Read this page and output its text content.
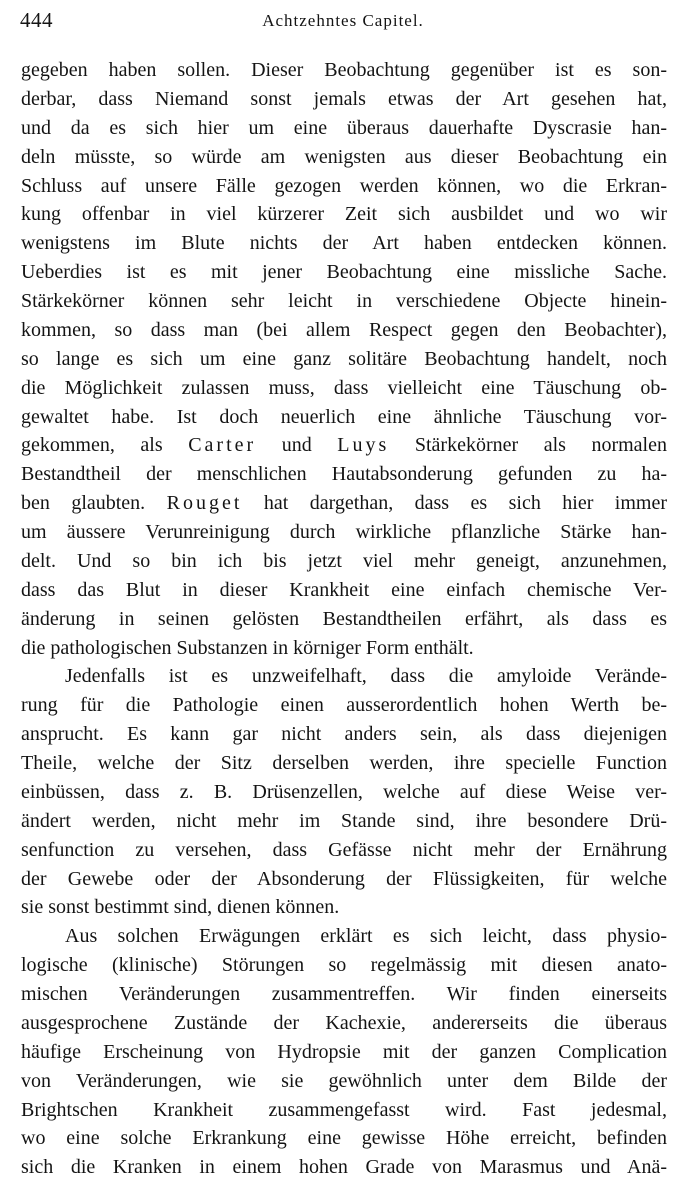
444	Achtzehntes Capitel.
gegeben haben sollen. Dieser Beobachtung gegenüber ist es son-
derbar, dass Niemand sonst jemals etwas der Art gesehen hat,
und da es sich hier um eine überaus dauerhafte Dyscrasie han-
deln müsste, so würde am wenigsten aus dieser Beobachtung ein
Schluss auf unsere Fälle gezogen werden können, wo die Erkran-
kung offenbar in viel kürzerer Zeit sich ausbildet und wo wir
wenigstens im Blute nichts der Art haben entdecken können.
Ueberdies ist es mit jener Beobachtung eine missliche Sache.
Stärkekörner können sehr leicht in verschiedene Objecte hinein-
kommen, so dass man (bei allem Respect gegen den Beobachter),
so lange es sich um eine ganz solitäre Beobachtung handelt, noch
die Möglichkeit zulassen muss, dass vielleicht eine Täuschung ob-
gewaltet habe. Ist doch neuerlich eine ähnliche Täuschung vor-
gekommen, als Carter und Luys Stärkekörner als normalen
Bestandtheil der menschlichen Hautabsonderung gefunden zu ha-
ben glaubten. Rouget hat dargethan, dass es sich hier immer
um äussere Verunreinigung durch wirkliche pflanzliche Stärke han-
delt. Und so bin ich bis jetzt viel mehr geneigt, anzunehmen,
dass das Blut in dieser Krankheit eine einfach chemische Ver-
änderung in seinen gelösten Bestandtheilen erfährt, als dass es
die pathologischen Substanzen in körniger Form enthält.
Jedenfalls ist es unzweifelhaft, dass die amyloide Verände-
rung für die Pathologie einen ausserordentlich hohen Werth be-
ansprucht. Es kann gar nicht anders sein, als dass diejenigen
Theile, welche der Sitz derselben werden, ihre specielle Function
einbüssen, dass z. B. Drüsenzellen, welche auf diese Weise ver-
ändert werden, nicht mehr im Stande sind, ihre besondere Drü-
senfunction zu versehen, dass Gefässe nicht mehr der Ernährung
der Gewebe oder der Absonderung der Flüssigkeiten, für welche
sie sonst bestimmt sind, dienen können.
Aus solchen Erwägungen erklärt es sich leicht, dass physio-
logische (klinische) Störungen so regelmässig mit diesen anato-
mischen Veränderungen zusammentreffen. Wir finden einerseits
ausgesprochene Zustände der Kachexie, andererseits die überaus
häufige Erscheinung von Hydropsie mit der ganzen Complication
von Veränderungen, wie sie gewöhnlich unter dem Bilde der
Brightschen Krankheit zusammengefasst wird. Fast jedesmal,
wo eine solche Erkrankung eine gewisse Höhe erreicht, befinden
sich die Kranken in einem hohen Grade von Marasmus und Anä-
